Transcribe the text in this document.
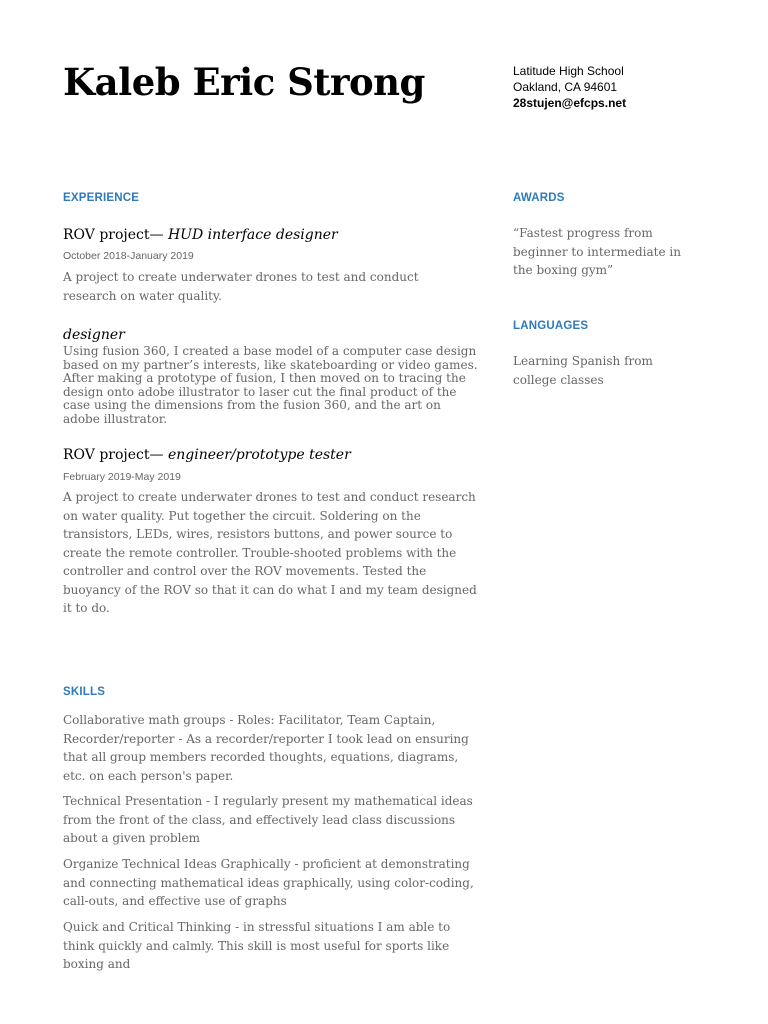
Kaleb Eric Strong	Latitude High School
Oakland, CA 94601
28stujen@efcps.net
EXPERIENCE
ROV project— HUD interface designer
October 2018-January 2019

A project to create underwater drones to test and conduct research on water quality.

designer

Using fusion 360, I created a base model of a computer case design based on my partner’s interests, like skateboarding or video games. After making a prototype of fusion, I then moved on to tracing the design onto adobe illustrator to laser cut the final product of the case using the dimensions from the fusion 360, and the art on adobe illustrator.

ROV project— engineer/prototype tester
February 2019-May 2019

A project to create underwater drones to test and conduct research on water quality. Put together the circuit. Soldering on the transistors, LEDs, wires, resistors buttons, and power source to create the remote controller. Trouble-shooted problems with the controller and control over the ROV movements. Tested the buoyancy of the ROV so that it can do what I and my team designed it to do.

SKILLS

Collaborative math groups - Roles: Facilitator, Team Captain, Recorder/reporter - As a recorder/reporter I took lead on ensuring that all group members recorded thoughts, equations, diagrams, etc. on each person's paper.

Technical Presentation - I regularly present my mathematical ideas from the front of the class, and effectively lead class discussions about a given problem

Organize Technical Ideas Graphically - proficient at demonstrating and connecting mathematical ideas graphically, using color-coding, call-outs, and effective use of graphs

Quick and Critical Thinking - in stressful situations I am able to think quickly and calmly. This skill is most useful for sports like boxing and

AWARDS

“Fastest progress from beginner to intermediate in the boxing gym”

LANGUAGES

Learning Spanish from college classes
